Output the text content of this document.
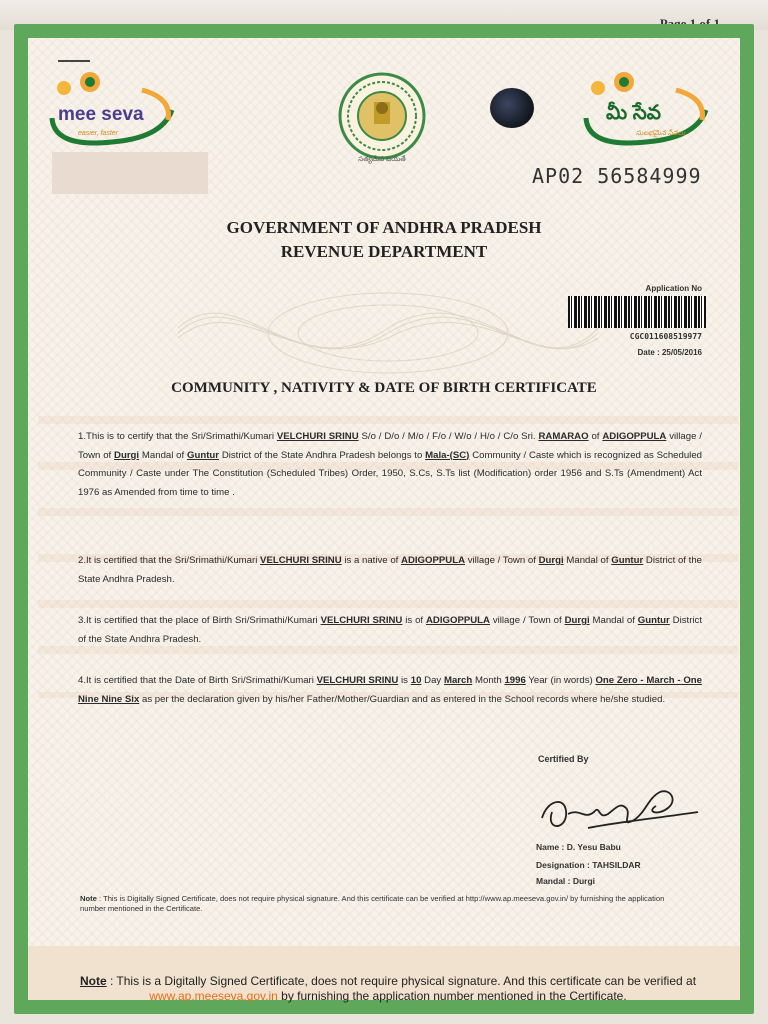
mee seva
easier, faster
సత్యమేవ జయతే
మీ సేవ
సులభమైన సేవలు
AP02 56584999
GOVERNMENT OF ANDHRA PRADESH
REVENUE DEPARTMENT
Application No
CGC011608519977
Date : 25/05/2016
COMMUNITY , NATIVITY & DATE OF BIRTH CERTIFICATE
1.This is to certify that the Sri/Srimathi/Kumari VELCHURI SRINU S/o / D/o / M/o / F/o / W/o / H/o / C/o Sri. RAMARAO of ADIGOPPULA village / Town of Durgi Mandal of Guntur District of the State Andhra Pradesh belongs to Mala-(SC) Community / Caste which is recognized as Scheduled Community / Caste under The Constitution (Scheduled Tribes) Order, 1950, S.Cs, S.Ts list (Modification) order 1956 and S.Ts (Amendment) Act 1976 as Amended from time to time .
2.It is certified that the Sri/Srimathi/Kumari VELCHURI SRINU is a native of ADIGOPPULA village / Town of Durgi Mandal of Guntur District of the State Andhra Pradesh.
3.It is certified that the place of Birth Sri/Srimathi/Kumari VELCHURI SRINU is of ADIGOPPULA village / Town of Durgi Mandal of Guntur District of the State Andhra Pradesh.
4.It is certified that the Date of Birth Sri/Srimathi/Kumari VELCHURI SRINU is 10 Day March Month 1996 Year (in words) One Zero - March - One Nine Nine Six as per the declaration given by his/her Father/Mother/Guardian and as entered in the School records where he/she studied.
Certified By
Name : D. Yesu Babu
Designation : TAHSILDAR
Mandal : Durgi
Note : This is Digitally Signed Certificate, does not require physical signature. And this certificate can be verified at http://www.ap.meeseva.gov.in/ by furnishing the application number mentioned in the Certificate.
Note : This is a Digitally Signed Certificate, does not require physical signature. And this certificate can be verified at www.ap.meeseva.gov.in by furnishing the application number mentioned in the Certificate.
